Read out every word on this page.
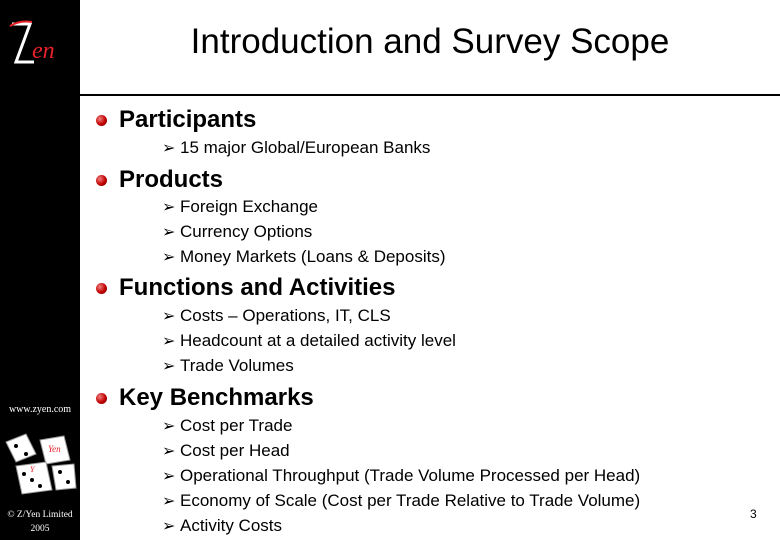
en
www.zyen.com
Yen
Y
© Z/Yen Limited
2005
Introduction and Survey Scope
Participants
➢ 15 major Global/European Banks
Products
➢ Foreign Exchange
➢ Currency Options
➢ Money Markets (Loans & Deposits)
Functions and Activities
➢ Costs – Operations, IT, CLS
➢ Headcount at a detailed activity level
➢ Trade Volumes
Key Benchmarks
➢ Cost per Trade
➢ Cost per Head
➢ Operational Throughput (Trade Volume Processed per Head)
➢ Economy of Scale (Cost per Trade Relative to Trade Volume)
➢ Activity Costs
3
